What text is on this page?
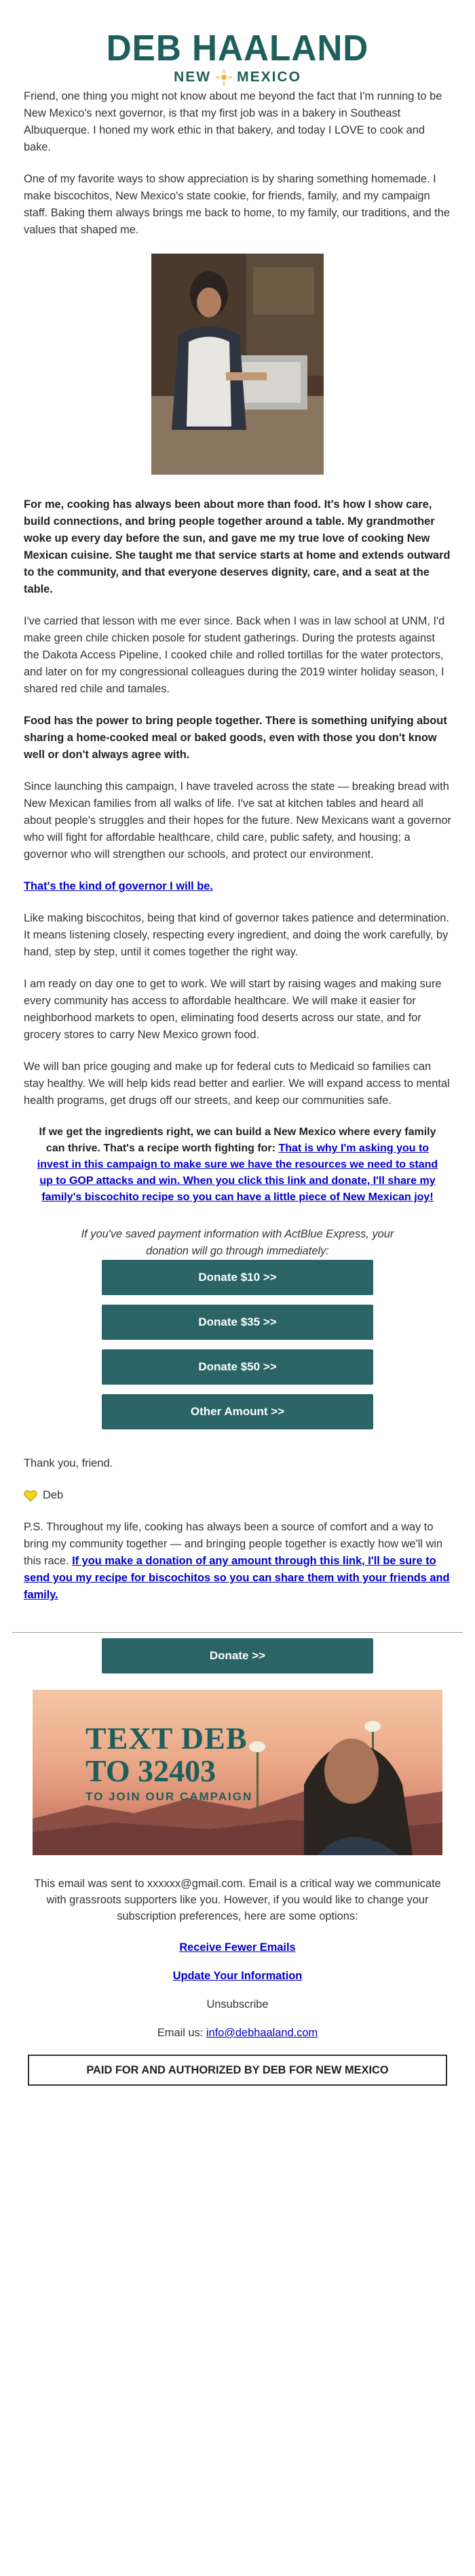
DEB HAALAND
NEW MEXICO

Friend, one thing you might not know about me beyond the fact that I'm running to be New Mexico's next governor, is that my first job was in a bakery in Southeast Albuquerque. I honed my work ethic in that bakery, and today I LOVE to cook and bake.

One of my favorite ways to show appreciation is by sharing something homemade. I make biscochitos, New Mexico's state cookie, for friends, family, and my campaign staff. Baking them always brings me back to home, to my family, our traditions, and the values that shaped me.

For me, cooking has always been about more than food. It's how I show care, build connections, and bring people together around a table. My grandmother woke up every day before the sun, and gave me my true love of cooking New Mexican cuisine. She taught me that service starts at home and extends outward to the community, and that everyone deserves dignity, care, and a seat at the table.

I've carried that lesson with me ever since. Back when I was in law school at UNM, I'd make green chile chicken posole for student gatherings. During the protests against the Dakota Access Pipeline, I cooked chile and rolled tortillas for the water protectors, and later on for my congressional colleagues during the 2019 winter holiday season, I shared red chile and tamales.

Food has the power to bring people together. There is something unifying about sharing a home-cooked meal or baked goods, even with those you don't know well or don't always agree with.

Since launching this campaign, I have traveled across the state — breaking bread with New Mexican families from all walks of life. I've sat at kitchen tables and heard all about people's struggles and their hopes for the future. New Mexicans want a governor who will fight for affordable healthcare, child care, public safety, and housing; a governor who will strengthen our schools, and protect our environment.

That's the kind of governor I will be.

Like making biscochitos, being that kind of governor takes patience and determination. It means listening closely, respecting every ingredient, and doing the work carefully, by hand, step by step, until it comes together the right way.

I am ready on day one to get to work. We will start by raising wages and making sure every community has access to affordable healthcare. We will make it easier for neighborhood markets to open, eliminating food deserts across our state, and for grocery stores to carry New Mexico grown food.

We will ban price gouging and make up for federal cuts to Medicaid so families can stay healthy. We will help kids read better and earlier. We will expand access to mental health programs, get drugs off our streets, and keep our communities safe.

If we get the ingredients right, we can build a New Mexico where every family can thrive. That's a recipe worth fighting for: That is why I'm asking you to invest in this campaign to make sure we have the resources we need to stand up to GOP attacks and win. When you click this link and donate, I'll share my family's biscochito recipe so you can have a little piece of New Mexican joy!

If you've saved payment information with ActBlue Express, your donation will go through immediately:

Donate $10 >>
Donate $35 >>
Donate $50 >>
Other Amount >>

Thank you, friend.

Deb

P.S. Throughout my life, cooking has always been a source of comfort and a way to bring my community together — and bringing people together is exactly how we'll win this race. If you make a donation of any amount through this link, I'll be sure to send you my recipe for biscochitos so you can share them with your friends and family.

Donate >>
TEXT DEB
TO 32403
TO JOIN OUR CAMPAIGN

This email was sent to xxxxxx@gmail.com. Email is a critical way we communicate with grassroots supporters like you. However, if you would like to change your subscription preferences, here are some options:

Receive Fewer Emails

Update Your Information

Unsubscribe

Email us: info@debhaaland.com

PAID FOR AND AUTHORIZED BY DEB FOR NEW MEXICO
